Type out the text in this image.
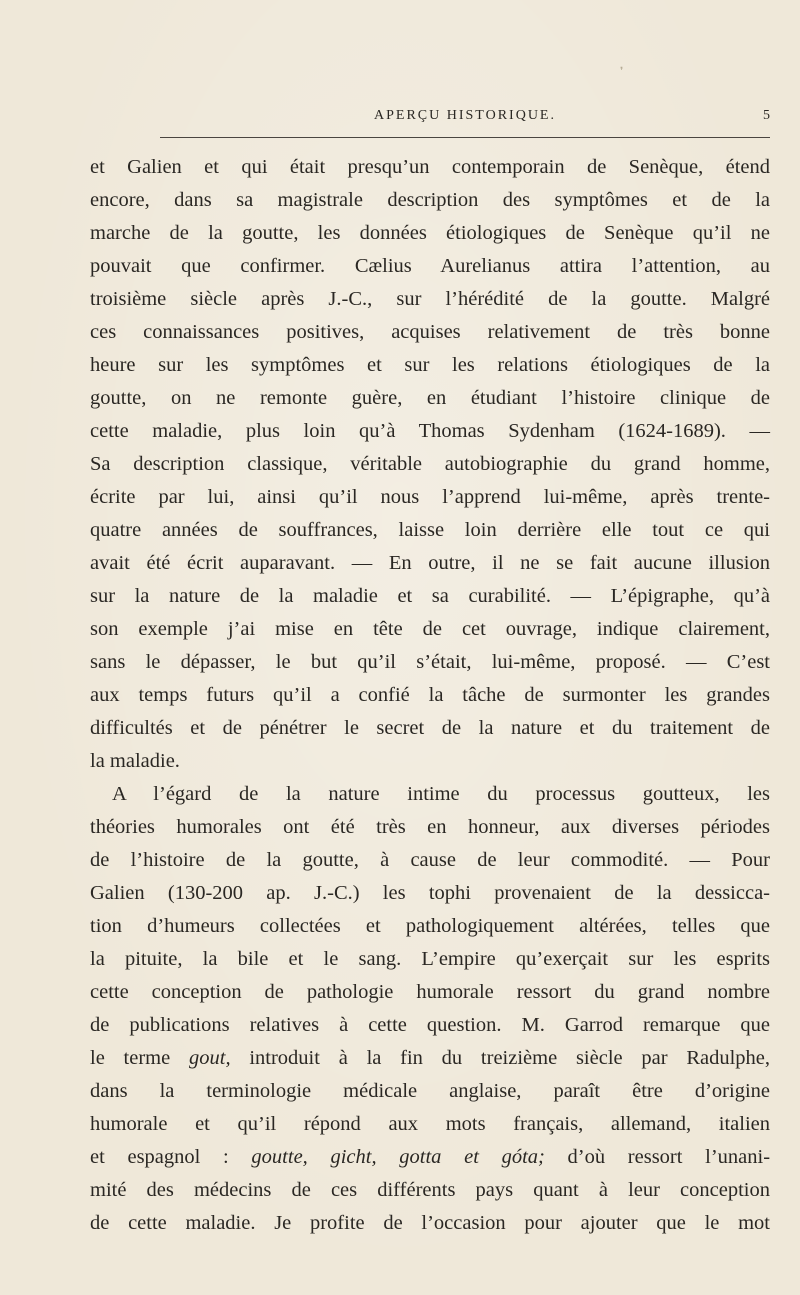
❜
APERÇU HISTORIQUE.	5
et Galien et qui était presqu’un contemporain de Senèque, étend
encore, dans sa magistrale description des symptômes et de la
marche de la goutte, les données étiologiques de Senèque qu’il ne
pouvait que confirmer. Cælius Aurelianus attira l’attention, au
troisième siècle après J.-C., sur l’hérédité de la goutte. Malgré
ces connaissances positives, acquises relativement de très bonne
heure sur les symptômes et sur les relations étiologiques de la
goutte, on ne remonte guère, en étudiant l’histoire clinique de
cette maladie, plus loin qu’à Thomas Sydenham (1624-1689). —
Sa description classique, véritable autobiographie du grand homme,
écrite par lui, ainsi qu’il nous l’apprend lui-même, après trente-
quatre années de souffrances, laisse loin derrière elle tout ce qui
avait été écrit auparavant. — En outre, il ne se fait aucune illusion
sur la nature de la maladie et sa curabilité. — L’épigraphe, qu’à
son exemple j’ai mise en tête de cet ouvrage, indique clairement,
sans le dépasser, le but qu’il s’était, lui-même, proposé. — C’est
aux temps futurs qu’il a confié la tâche de surmonter les grandes
difficultés et de pénétrer le secret de la nature et du traitement de
la maladie.
A l’égard de la nature intime du processus goutteux, les
théories humorales ont été très en honneur, aux diverses périodes
de l’histoire de la goutte, à cause de leur commodité. — Pour
Galien (130-200 ap. J.-C.) les tophi provenaient de la dessicca-
tion d’humeurs collectées et pathologiquement altérées, telles que
la pituite, la bile et le sang. L’empire qu’exerçait sur les esprits
cette conception de pathologie humorale ressort du grand nombre
de publications relatives à cette question. M. Garrod remarque que
le terme gout, introduit à la fin du treizième siècle par Radulphe,
dans la terminologie médicale anglaise, paraît être d’origine
humorale et qu’il répond aux mots français, allemand, italien
et espagnol : goutte, gicht, gotta et góta; d’où ressort l’unani-
mité des médecins de ces différents pays quant à leur conception
de cette maladie. Je profite de l’occasion pour ajouter que le mot
